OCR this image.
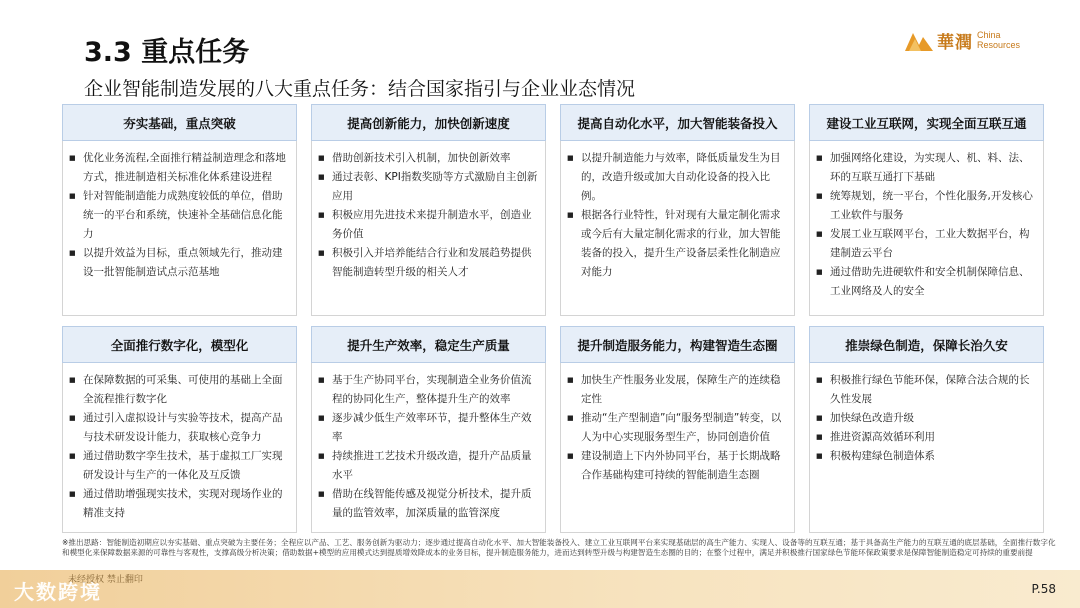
3.3 重点任务
企业智能制造发展的八大重点任务：结合国家指引与企业业态情况
華潤 China
Resources
夯实基础，重点突破
■ 优化业务流程,全面推行精益制造理念和落地方式，推进制造相关标准化体系建设进程
■ 针对智能制造能力成熟度较低的单位，借助统一的平台和系统，快速补全基础信息化能力
■ 以提升效益为目标，重点领域先行，推动建设一批智能制造试点示范基地
提高创新能力，加快创新速度
■ 借助创新技术引入机制，加快创新效率
■ 通过表彰、KPI指数奖励等方式激励自主创新应用
■ 积极应用先进技术来提升制造水平，创造业务价值
■ 积极引入并培养能结合行业和发展趋势提供智能制造转型升级的相关人才
提高自动化水平，加大智能装备投入
■ 以提升制造能力与效率，降低质量发生为目的，改造升级或加大自动化设备的投入比例。
■ 根据各行业特性，针对现有大量定制化需求或今后有大量定制化需求的行业，加大智能装备的投入，提升生产设备层柔性化制造应对能力
建设工业互联网，实现全面互联互通
■ 加强网络化建设，为实现人、机、料、法、环的互联互通打下基础
■ 统筹规划，统一平台，个性化服务,开发核心工业软件与服务
■ 发展工业互联网平台，工业大数据平台，构建制造云平台
■ 通过借助先进硬软件和安全机制保障信息、工业网络及人的安全
全面推行数字化，模型化
■ 在保障数据的可采集、可使用的基础上全面全流程推行数字化
■ 通过引入虚拟设计与实验等技术，提高产品与技术研发设计能力，获取核心竞争力
■ 通过借助数字孪生技术，基于虚拟工厂实现研发设计与生产的一体化及互反馈
■ 通过借助增强现实技术，实现对现场作业的精准支持
提升生产效率，稳定生产质量
■ 基于生产协同平台，实现制造全业务价值流程的协同化生产，整体提升生产的效率
■ 逐步减少低生产效率环节，提升整体生产效率
■ 持续推进工艺技术升级改造，提升产品质量水平
■ 借助在线智能传感及视觉分析技术，提升质量的监管效率，加深质量的监管深度
提升制造服务能力，构建智造生态圈
■ 加快生产性服务业发展，保障生产的连续稳定性
■ 推动“生产型制造”向“服务型制造”转变，以人为中心实现服务型生产，协同创造价值
■ 建设制造上下内外协同平台，基于长期战略合作基础构建可持续的智能制造生态圈
推崇绿色制造，保障长治久安
■ 积极推行绿色节能环保，保障合法合规的长久性发展
■ 加快绿色改造升级
■ 推进资源高效循环利用
■ 积极构建绿色制造体系
※推出思路：智能制造初期应以夯实基础、重点突破为主要任务；全程应以产品、工艺、服务创新为驱动力；逐步通过提高自动化水平、加大智能装备投入、建立工业互联网平台来实现基础层的高生产能力、实现人、设备等的互联互通；基于具备高生产能力的互联互通的底层基础，全面推行数字化和模型化来保障数据来源的可靠性与客观性，支撑高级分析决策；借助数据+模型的应用模式达到提质增效降成本的业务目标，提升制造服务能力，进而达到转型升级与构建智造生态圈的目的；在整个过程中，满足并积极推行国家绿色节能环保政策要求是保障智能制造稳定可持续的重要前提
大数跨境
未经授权 禁止翻印
P.58
